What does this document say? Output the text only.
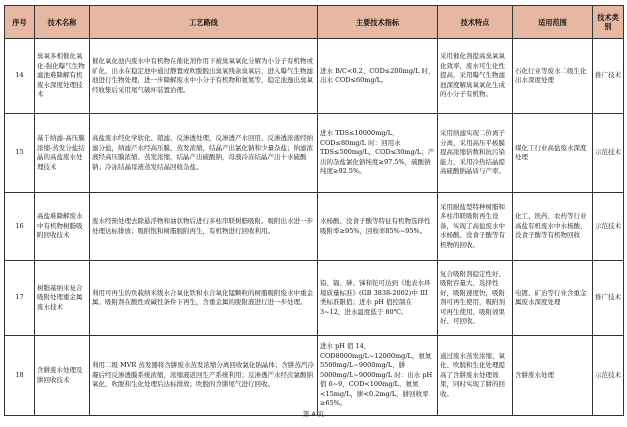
序号	技术名称	工艺路线	主要技术指标	技术特点	适用范围	技术类别
14	臭氧多相催化氧化-强化曝气生物滤池难降解有机废水深度处理技术	催化氧化池内废水中有机物在催化剂作用下被臭氧氧化分解为小分子有机物或矿化，出水在稳定池中通过静置或吹脱脱出臭氧残余臭氧后，进入曝气生物滤池进行生物处理，进一步降解废水中小分子有机物和氨氮等，稳定池逸出臭氧经收集后采用尾气破坏装置治理。	进水 B/C<0.2、COD≤200mg/L 时，出水 COD≤60mg/L。	采用催化剂提高臭氧氧化效率，废水可生化性提高，采用曝气生物滤池深度解臭氧氧化生成的小分子有机物。	石化行业等废水二级生化出水深度处理	推广技术
15	基于纳滤-高压膜浓缩-蒸发分盐结晶的高盐废水处理技术	高盐废水经化学软化、超滤、反渗透处理，反渗透产水回用，反渗透浓液经纳滤分盐，纳滤产水经高压膜、蒸发浓缩，结晶产出氯化钠和少量杂盐；纳滤浓液经高压膜浓缩、蒸发浓缩，结晶产出硫酸钠，母液冷冻结晶产出十水硫酸钠；冷冻结晶母液蒸发结晶回收杂盐。	进水 TDS≤10000mg/L，COD≤80mg/L 时：回用水 TDS≤500mg/L，COD≤30mg/L；产出的杂盐氯化钠纯度≥97.5%，硫酸钠纯度≥92.5%。	采用纳滤实现二价离子分离，采用高压平板膜提高浓缩倍数和抗污染能力，采用冷热结晶提高硫酸钠晶质与产率。	煤化工行业高盐废水深度处理	示范技术
16	高盐难降解废水中有机物树脂吸附回收技术	废水经预处理去除悬浮物和油状物后进行多柱串联树脂吸附。吸附出水进一步处理达标排放；吸附饱和树脂脱附再生，有机物进行回收利用。	水杨酸、没食子酸等特征有机物选择性吸附率≥95%，回收率85%~95%。	采用耐盐型特种树脂和多柱串联吸附再生设备，实现了高盐废水中水杨酸、没食子酸等有机物的回收。	化工、医药、农药等行业高盐有机废水中水杨酸、没食子酸等有机物回收	示范技术
17	树脂基纳米复合吸附处理重金属废水技术	利用可再生的负载纳米级水合氧化铁和水合氧化锰颗粒的树脂吸附废水中重金属。吸附剂在酸性或碱性条件下再生，含重金属的脱附液进行进一步处理。	铅、镉、砷、锑和铊可达到《地表水环境质量标准》(GB 3838-2002)中 III 类标准限值；进水 pH 值控制在 3~12，进水温度低于 80℃。	复合吸附剂稳定性好、吸附容量大、选择性好，吸附速度快，吸附剂可再生使用，吸附剂可再生使用，吸附效果好、可回收。	电镀、矿冶等行业含重金属废水深度处理	推广技术
18	含肼废水处理及肼回收技术	利用二级 MVR 蒸发器将含肼废水蒸发浓缩分离回收氯化钠晶体；含肼蒸汽冷凝后经反渗透膜系统浓缩，浓缩液返回生产系统利用；反渗透产水经次氯酸钠氧化、吹脱和生化处理后达标排放；吹脱的含肼尾气进行回收。	进水 pH 值 14，COD8000mg/L~12000mg/L，氨氮 5500mg/L~9000mg/L，肼 5000mg/L~9000mg/L 时：出水 pH 值 6~9，COD<100mg/L，氨氮<15mg/L，肼<0.2mg/L，肼回收率≥65%。	通过废水蒸发浓缩、氧化、吹脱和生化处理提高了含肼废水处理效果，同时实现了肼的回收。	含肼废水处理	示范技术
第 4 页
